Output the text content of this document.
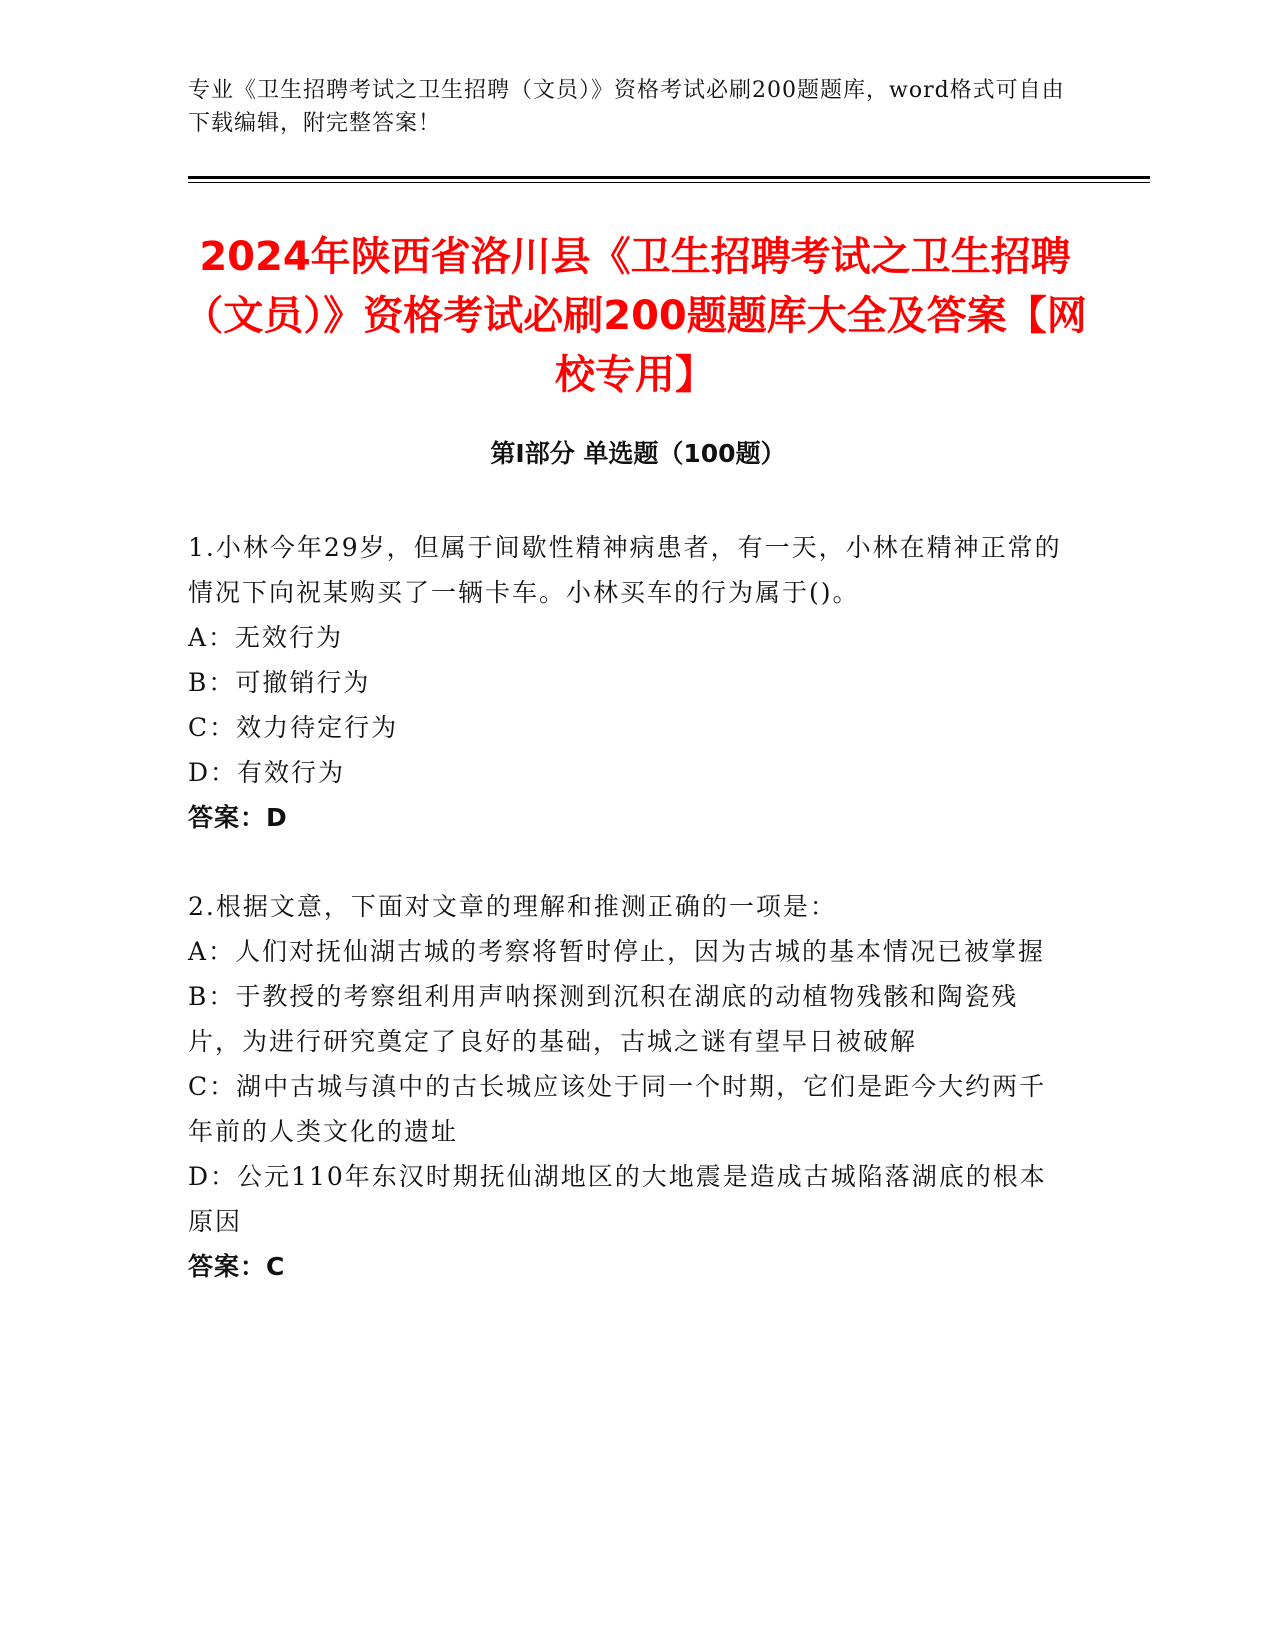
专业《卫生招聘考试之卫生招聘（文员）》资格考试必刷200题题库，word格式可自由下载编辑，附完整答案！
2024年陕西省洛川县《卫生招聘考试之卫生招聘（文员）》资格考试必刷200题题库大全及答案【网校专用】
第Ⅰ部分 单选题（100题）
1.小林今年29岁，但属于间歇性精神病患者，有一天，小林在精神正常的情况下向祝某购买了一辆卡车。小林买车的行为属于()。
A：无效行为
B：可撤销行为
C：效力待定行为
D：有效行为
答案：D
2.根据文意，下面对文章的理解和推测正确的一项是：
A：人们对抚仙湖古城的考察将暂时停止，因为古城的基本情况已被掌握
B：于教授的考察组利用声呐探测到沉积在湖底的动植物残骸和陶瓷残片，为进行研究奠定了良好的基础，古城之谜有望早日被破解
C：湖中古城与滇中的古长城应该处于同一个时期，它们是距今大约两千年前的人类文化的遗址
D：公元110年东汉时期抚仙湖地区的大地震是造成古城陷落湖底的根本原因
答案：C
